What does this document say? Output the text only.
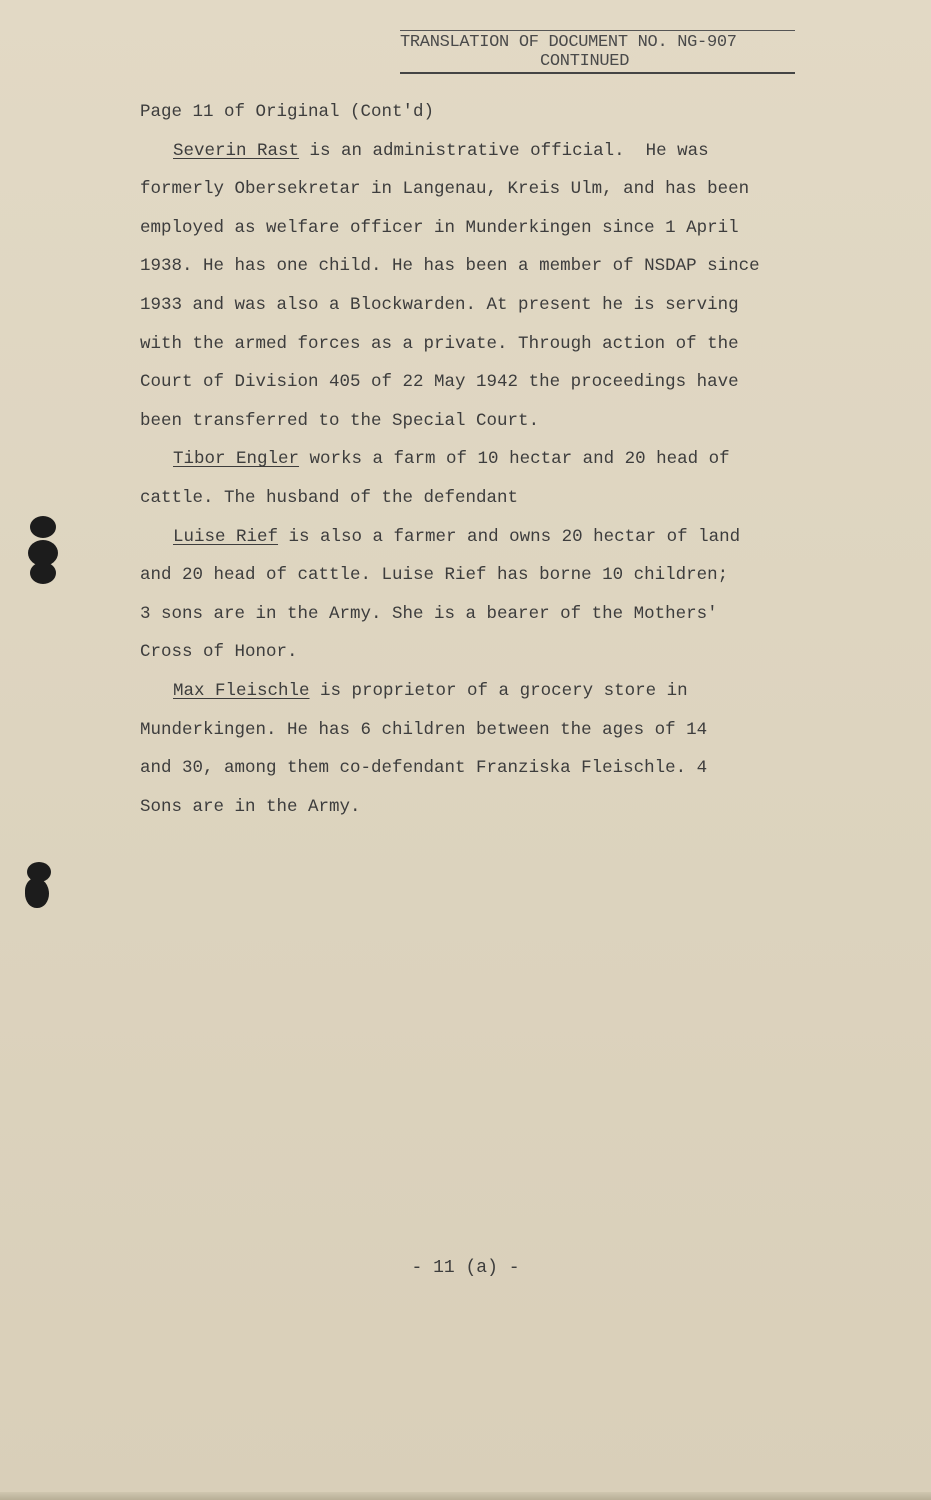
TRANSLATION OF DOCUMENT NO. NG-907
CONTINUED

Page 11 of Original (Cont'd)

Severin Rast is an administrative official.  He was

formerly Obersekretar in Langenau, Kreis Ulm, and has been

employed as welfare officer in Munderkingen since 1 April

1938. He has one child. He has been a member of NSDAP since

1933 and was also a Blockwarden. At present he is serving

with the armed forces as a private. Through action of the

Court of Division 405 of 22 May 1942 the proceedings have

been transferred to the Special Court.

Tibor Engler works a farm of 10 hectar and 20 head of

cattle. The husband of the defendant

Luise Rief is also a farmer and owns 20 hectar of land

and 20 head of cattle. Luise Rief has borne 10 children;

3 sons are in the Army. She is a bearer of the Mothers'

Cross of Honor.

Max Fleischle is proprietor of a grocery store in

Munderkingen. He has 6 children between the ages of 14

and 30, among them co-defendant Franziska Fleischle. 4

Sons are in the Army.

- 11 (a) -
